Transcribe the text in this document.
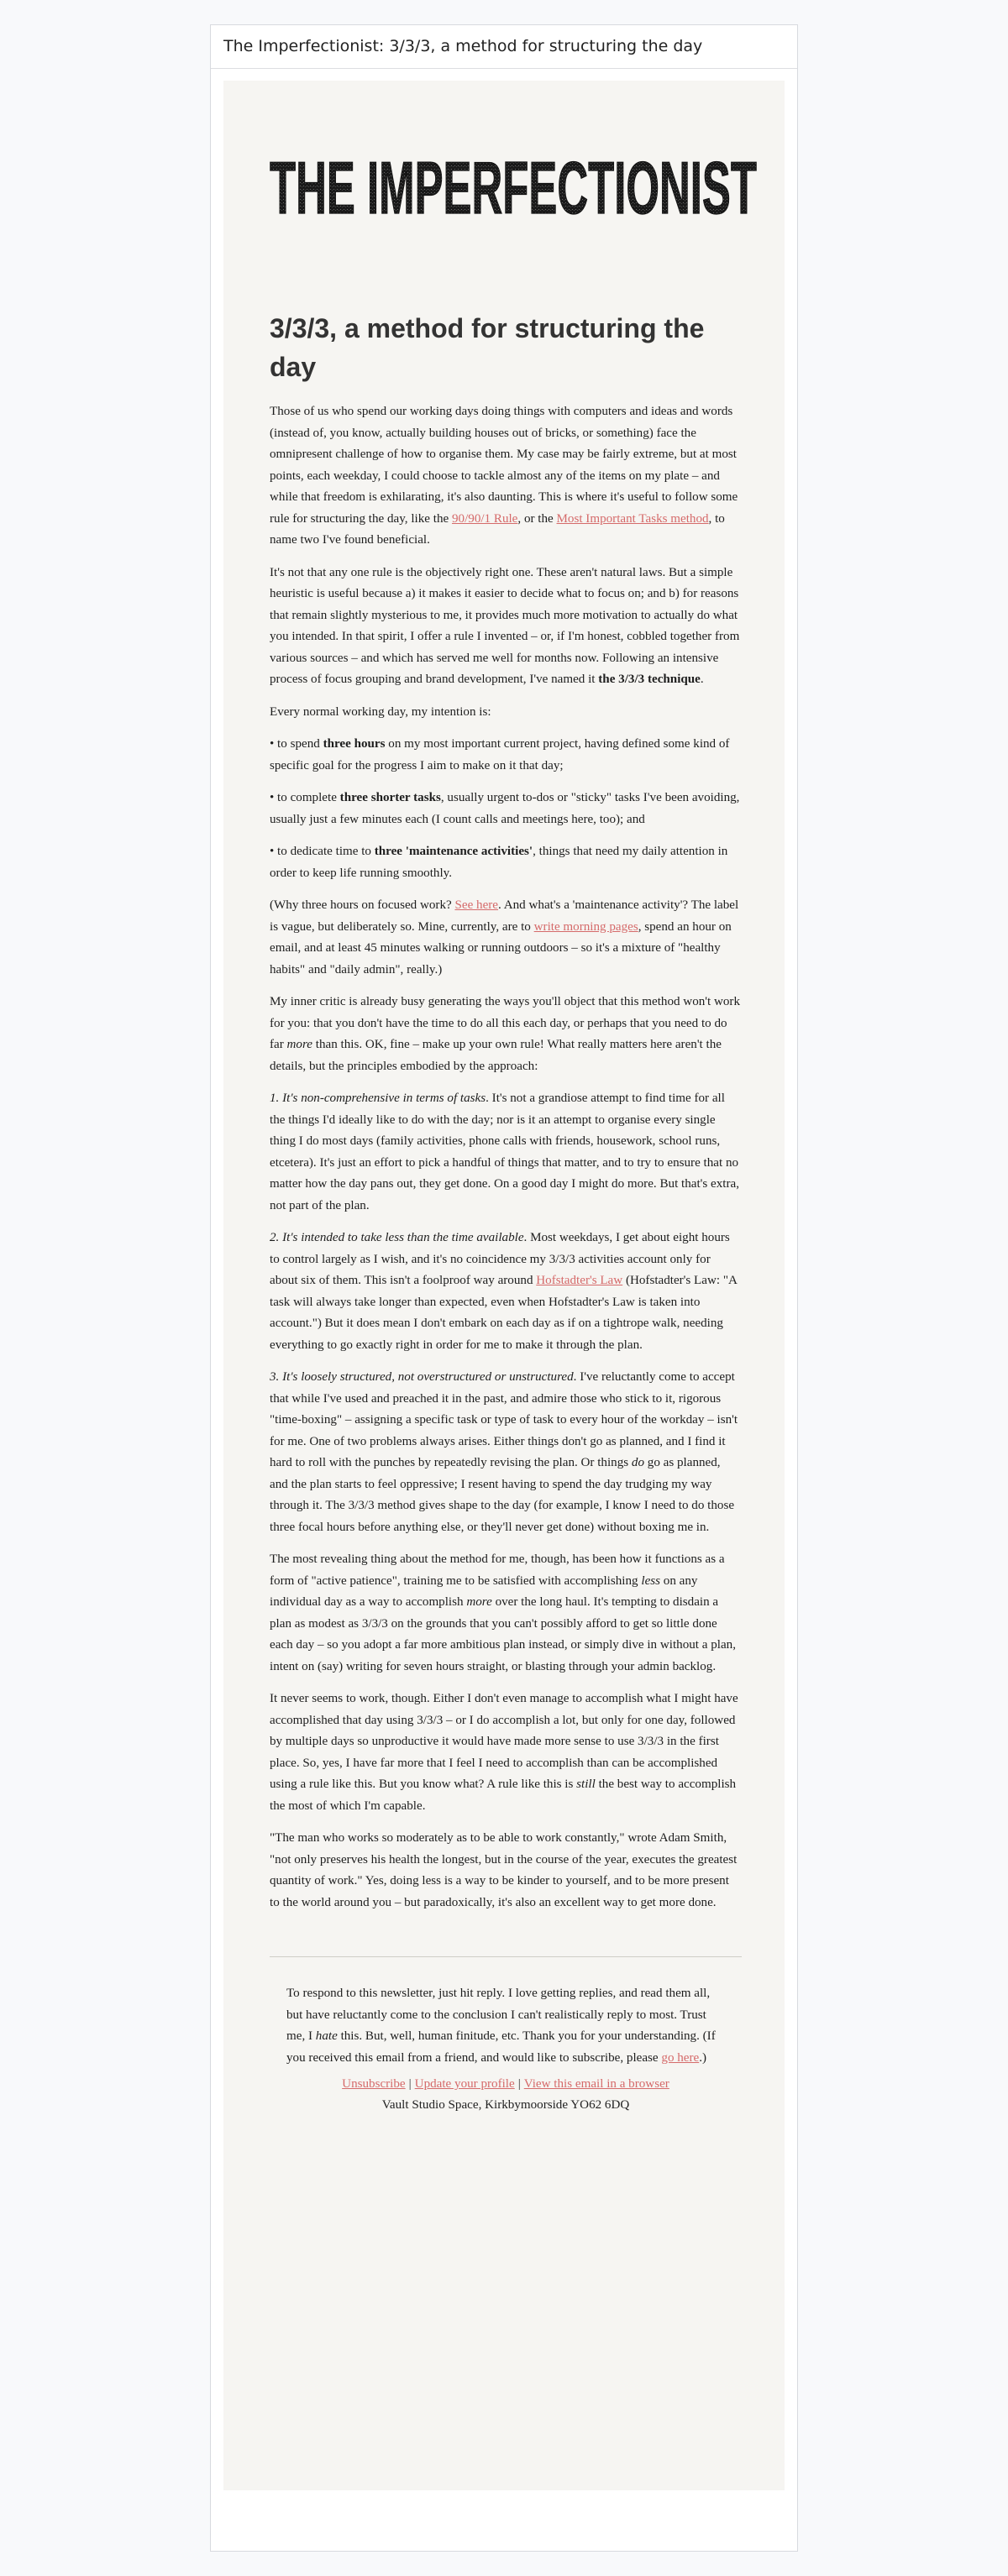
The Imperfectionist: 3/3/3, a method for structuring the day
THE IMPERFECTIONIST
3/3/3, a method for structuring the day

Those of us who spend our working days doing things with computers and ideas and words (instead of, you know, actually building houses out of bricks, or something) face the omnipresent challenge of how to organise them. My case may be fairly extreme, but at most points, each weekday, I could choose to tackle almost any of the items on my plate – and while that freedom is exhilarating, it's also daunting. This is where it's useful to follow some rule for structuring the day, like the 90/90/1 Rule, or the Most Important Tasks method, to name two I've found beneficial.

It's not that any one rule is the objectively right one. These aren't natural laws. But a simple heuristic is useful because a) it makes it easier to decide what to focus on; and b) for reasons that remain slightly mysterious to me, it provides much more motivation to actually do what you intended. In that spirit, I offer a rule I invented – or, if I'm honest, cobbled together from various sources – and which has served me well for months now. Following an intensive process of focus grouping and brand development, I've named it the 3/3/3 technique.

Every normal working day, my intention is:

• to spend three hours on my most important current project, having defined some kind of specific goal for the progress I aim to make on it that day;

• to complete three shorter tasks, usually urgent to-dos or "sticky" tasks I've been avoiding, usually just a few minutes each (I count calls and meetings here, too); and

• to dedicate time to three 'maintenance activities', things that need my daily attention in order to keep life running smoothly.

(Why three hours on focused work? See here. And what's a 'maintenance activity'? The label is vague, but deliberately so. Mine, currently, are to write morning pages, spend an hour on email, and at least 45 minutes walking or running outdoors – so it's a mixture of "healthy habits" and "daily admin", really.)

My inner critic is already busy generating the ways you'll object that this method won't work for you: that you don't have the time to do all this each day, or perhaps that you need to do far more than this. OK, fine – make up your own rule! What really matters here aren't the details, but the principles embodied by the approach:

1. It's non-comprehensive in terms of tasks. It's not a grandiose attempt to find time for all the things I'd ideally like to do with the day; nor is it an attempt to organise every single thing I do most days (family activities, phone calls with friends, housework, school runs, etcetera). It's just an effort to pick a handful of things that matter, and to try to ensure that no matter how the day pans out, they get done. On a good day I might do more. But that's extra, not part of the plan.

2. It's intended to take less than the time available. Most weekdays, I get about eight hours to control largely as I wish, and it's no coincidence my 3/3/3 activities account only for about six of them. This isn't a foolproof way around Hofstadter's Law (Hofstadter's Law: "A task will always take longer than expected, even when Hofstadter's Law is taken into account.") But it does mean I don't embark on each day as if on a tightrope walk, needing everything to go exactly right in order for me to make it through the plan.

3. It's loosely structured, not overstructured or unstructured. I've reluctantly come to accept that while I've used and preached it in the past, and admire those who stick to it, rigorous "time-boxing" – assigning a specific task or type of task to every hour of the workday – isn't for me. One of two problems always arises. Either things don't go as planned, and I find it hard to roll with the punches by repeatedly revising the plan. Or things do go as planned, and the plan starts to feel oppressive; I resent having to spend the day trudging my way through it. The 3/3/3 method gives shape to the day (for example, I know I need to do those three focal hours before anything else, or they'll never get done) without boxing me in.

The most revealing thing about the method for me, though, has been how it functions as a form of "active patience", training me to be satisfied with accomplishing less on any individual day as a way to accomplish more over the long haul. It's tempting to disdain a plan as modest as 3/3/3 on the grounds that you can't possibly afford to get so little done each day – so you adopt a far more ambitious plan instead, or simply dive in without a plan, intent on (say) writing for seven hours straight, or blasting through your admin backlog.

It never seems to work, though. Either I don't even manage to accomplish what I might have accomplished that day using 3/3/3 – or I do accomplish a lot, but only for one day, followed by multiple days so unproductive it would have made more sense to use 3/3/3 in the first place. So, yes, I have far more that I feel I need to accomplish than can be accomplished using a rule like this. But you know what? A rule like this is still the best way to accomplish the most of which I'm capable.

"The man who works so moderately as to be able to work constantly," wrote Adam Smith, "not only preserves his health the longest, but in the course of the year, executes the greatest quantity of work." Yes, doing less is a way to be kinder to yourself, and to be more present to the world around you – but paradoxically, it's also an excellent way to get more done.

To respond to this newsletter, just hit reply. I love getting replies, and read them all, but have reluctantly come to the conclusion I can't realistically reply to most. Trust me, I hate this. But, well, human finitude, etc. Thank you for your understanding. (If you received this email from a friend, and would like to subscribe, please go here.)

Unsubscribe | Update your profile | View this email in a browser
Vault Studio Space, Kirkbymoorside YO62 6DQ
